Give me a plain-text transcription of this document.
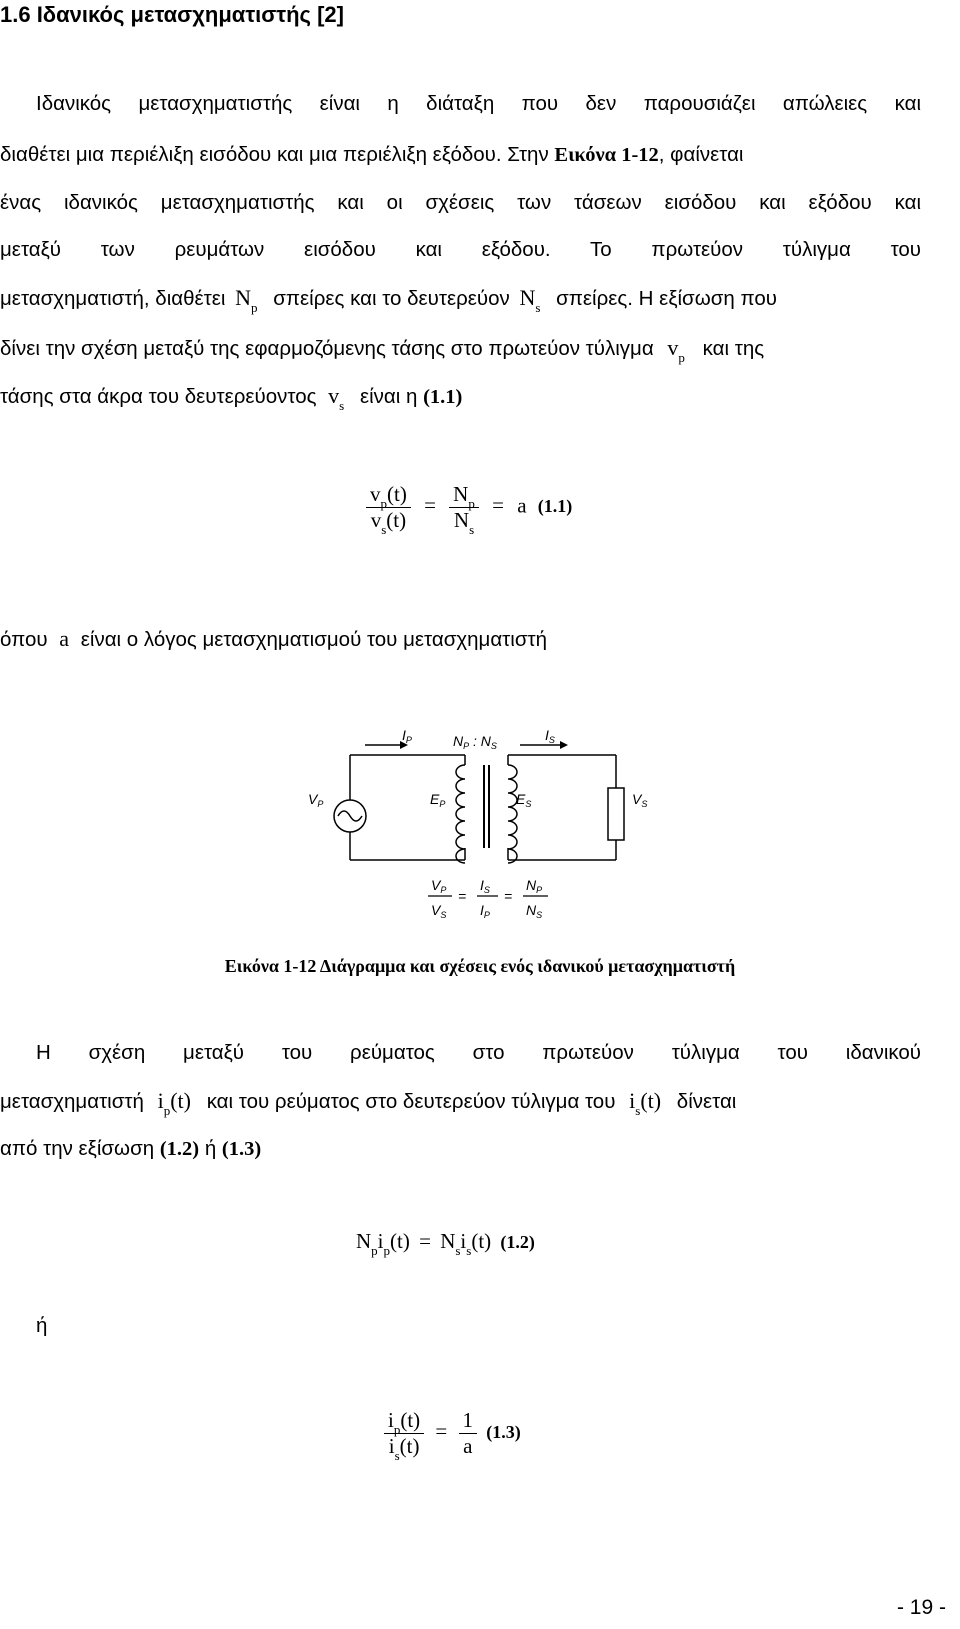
1.6 Ιδανικός μετασχηματιστής [2]
Ιδανικός μετασχηματιστής είναι η διάταξη που δεν παρουσιάζει απώλειες και
διαθέτει μια περιέλιξη εισόδου και μια περιέλιξη εξόδου. Στην Εικόνα 1-12, φαίνεται
ένας ιδανικός μετασχηματιστής και οι σχέσεις των τάσεων εισόδου και εξόδου και
μεταξύ των ρευμάτων εισόδου και εξόδου. Το πρωτεύον τύλιγμα του
μετασχηματιστή, διαθέτει $N_p$ σπείρες και το δευτερεύον $N_s$ σπείρες. Η εξίσωση που
δίνει την σχέση μεταξύ της εφαρμοζόμενης τάσης στο πρωτεύον τύλιγμα $v_p$ και της
τάσης στα άκρα του δευτερεύοντος $v_s$ είναι η (1.1)
$\frac{v_p(t)}{v_s(t)} = \frac{N_p}{N_s} = a$ (1.1)
όπου a είναι ο λόγος μετασχηματισμού του μετασχηματιστή
$I_P$	$N_P$ : $N_S$
$I_S$
$V_P$	$E_P$	$E_S$	$V_S$
$V_P$
$V_S$
=
$I_S$
$I_P$
=
$N_P$
$N_S$
Εικόνα 1-12 Διάγραμμα και σχέσεις ενός ιδανικού μετασχηματιστή
Η σχέση μεταξύ του ρεύματος στο πρωτεύον τύλιγμα του ιδανικού
μετασχηματιστή $i_p(t)$ και του ρεύματος στο δευτερεύον τύλιγμα του $i_s(t)$ δίνεται
από την εξίσωση (1.2) ή (1.3)
$N_pi_p(t) = N_si_s(t)$ (1.2)
ή
$\frac{i_p(t)}{i_s(t)} = \frac{1}{a} (1.3)$
- 19 -
